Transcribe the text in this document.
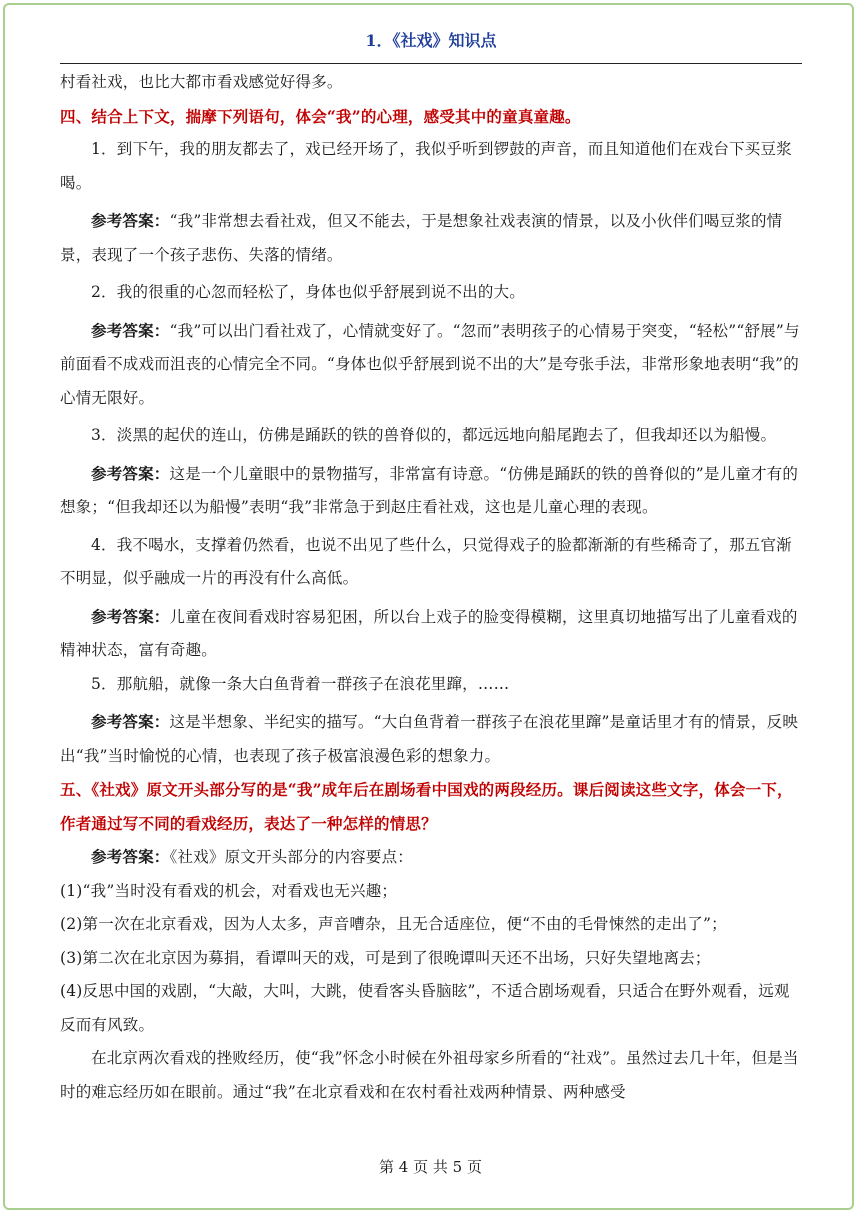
1．《社戏》知识点

村看社戏，也比大都市看戏感觉好得多。

四、结合上下文，揣摩下列语句，体会“我”的心理，感受其中的童真童趣。

1．到下午，我的朋友都去了，戏已经开场了，我似乎听到锣鼓的声音，而且知道他们在戏台下买豆浆喝。

参考答案：“我”非常想去看社戏，但又不能去，于是想象社戏表演的情景，以及小伙伴们喝豆浆的情景，表现了一个孩子悲伤、失落的情绪。

2．我的很重的心忽而轻松了，身体也似乎舒展到说不出的大。

参考答案：“我”可以出门看社戏了，心情就变好了。“忽而”表明孩子的心情易于突变，“轻松”“舒展”与前面看不成戏而沮丧的心情完全不同。“身体也似乎舒展到说不出的大”是夸张手法，非常形象地表明“我”的心情无限好。

3．淡黑的起伏的连山，仿佛是踊跃的铁的兽脊似的，都远远地向船尾跑去了，但我却还以为船慢。

参考答案：这是一个儿童眼中的景物描写，非常富有诗意。“仿佛是踊跃的铁的兽脊似的”是儿童才有的想象；“但我却还以为船慢”表明“我”非常急于到赵庄看社戏，这也是儿童心理的表现。

4．我不喝水，支撑着仍然看，也说不出见了些什么，只觉得戏子的脸都渐渐的有些稀奇了，那五官渐不明显，似乎融成一片的再没有什么高低。

参考答案：儿童在夜间看戏时容易犯困，所以台上戏子的脸变得模糊，这里真切地描写出了儿童看戏的精神状态，富有奇趣。

5．那航船，就像一条大白鱼背着一群孩子在浪花里蹿，……

参考答案：这是半想象、半纪实的描写。“大白鱼背着一群孩子在浪花里蹿”是童话里才有的情景，反映出“我”当时愉悦的心情，也表现了孩子极富浪漫色彩的想象力。

五、《社戏》原文开头部分写的是“我”成年后在剧场看中国戏的两段经历。课后阅读这些文字，体会一下，作者通过写不同的看戏经历，表达了一种怎样的情思？

参考答案：《社戏》原文开头部分的内容要点：

(1)“我”当时没有看戏的机会，对看戏也无兴趣；

(2)第一次在北京看戏，因为人太多，声音嘈杂，且无合适座位，便“不由的毛骨悚然的走出了”；

(3)第二次在北京因为募捐，看谭叫天的戏，可是到了很晚谭叫天还不出场，只好失望地离去；

(4)反思中国的戏剧，“大敲，大叫，大跳，使看客头昏脑眩”，不适合剧场观看，只适合在野外观看，远观反而有风致。

在北京两次看戏的挫败经历，使“我”怀念小时候在外祖母家乡所看的“社戏”。虽然过去几十年，但是当时的难忘经历如在眼前。通过“我”在北京看戏和在农村看社戏两种情景、两种感受

第 4 页 共 5 页
